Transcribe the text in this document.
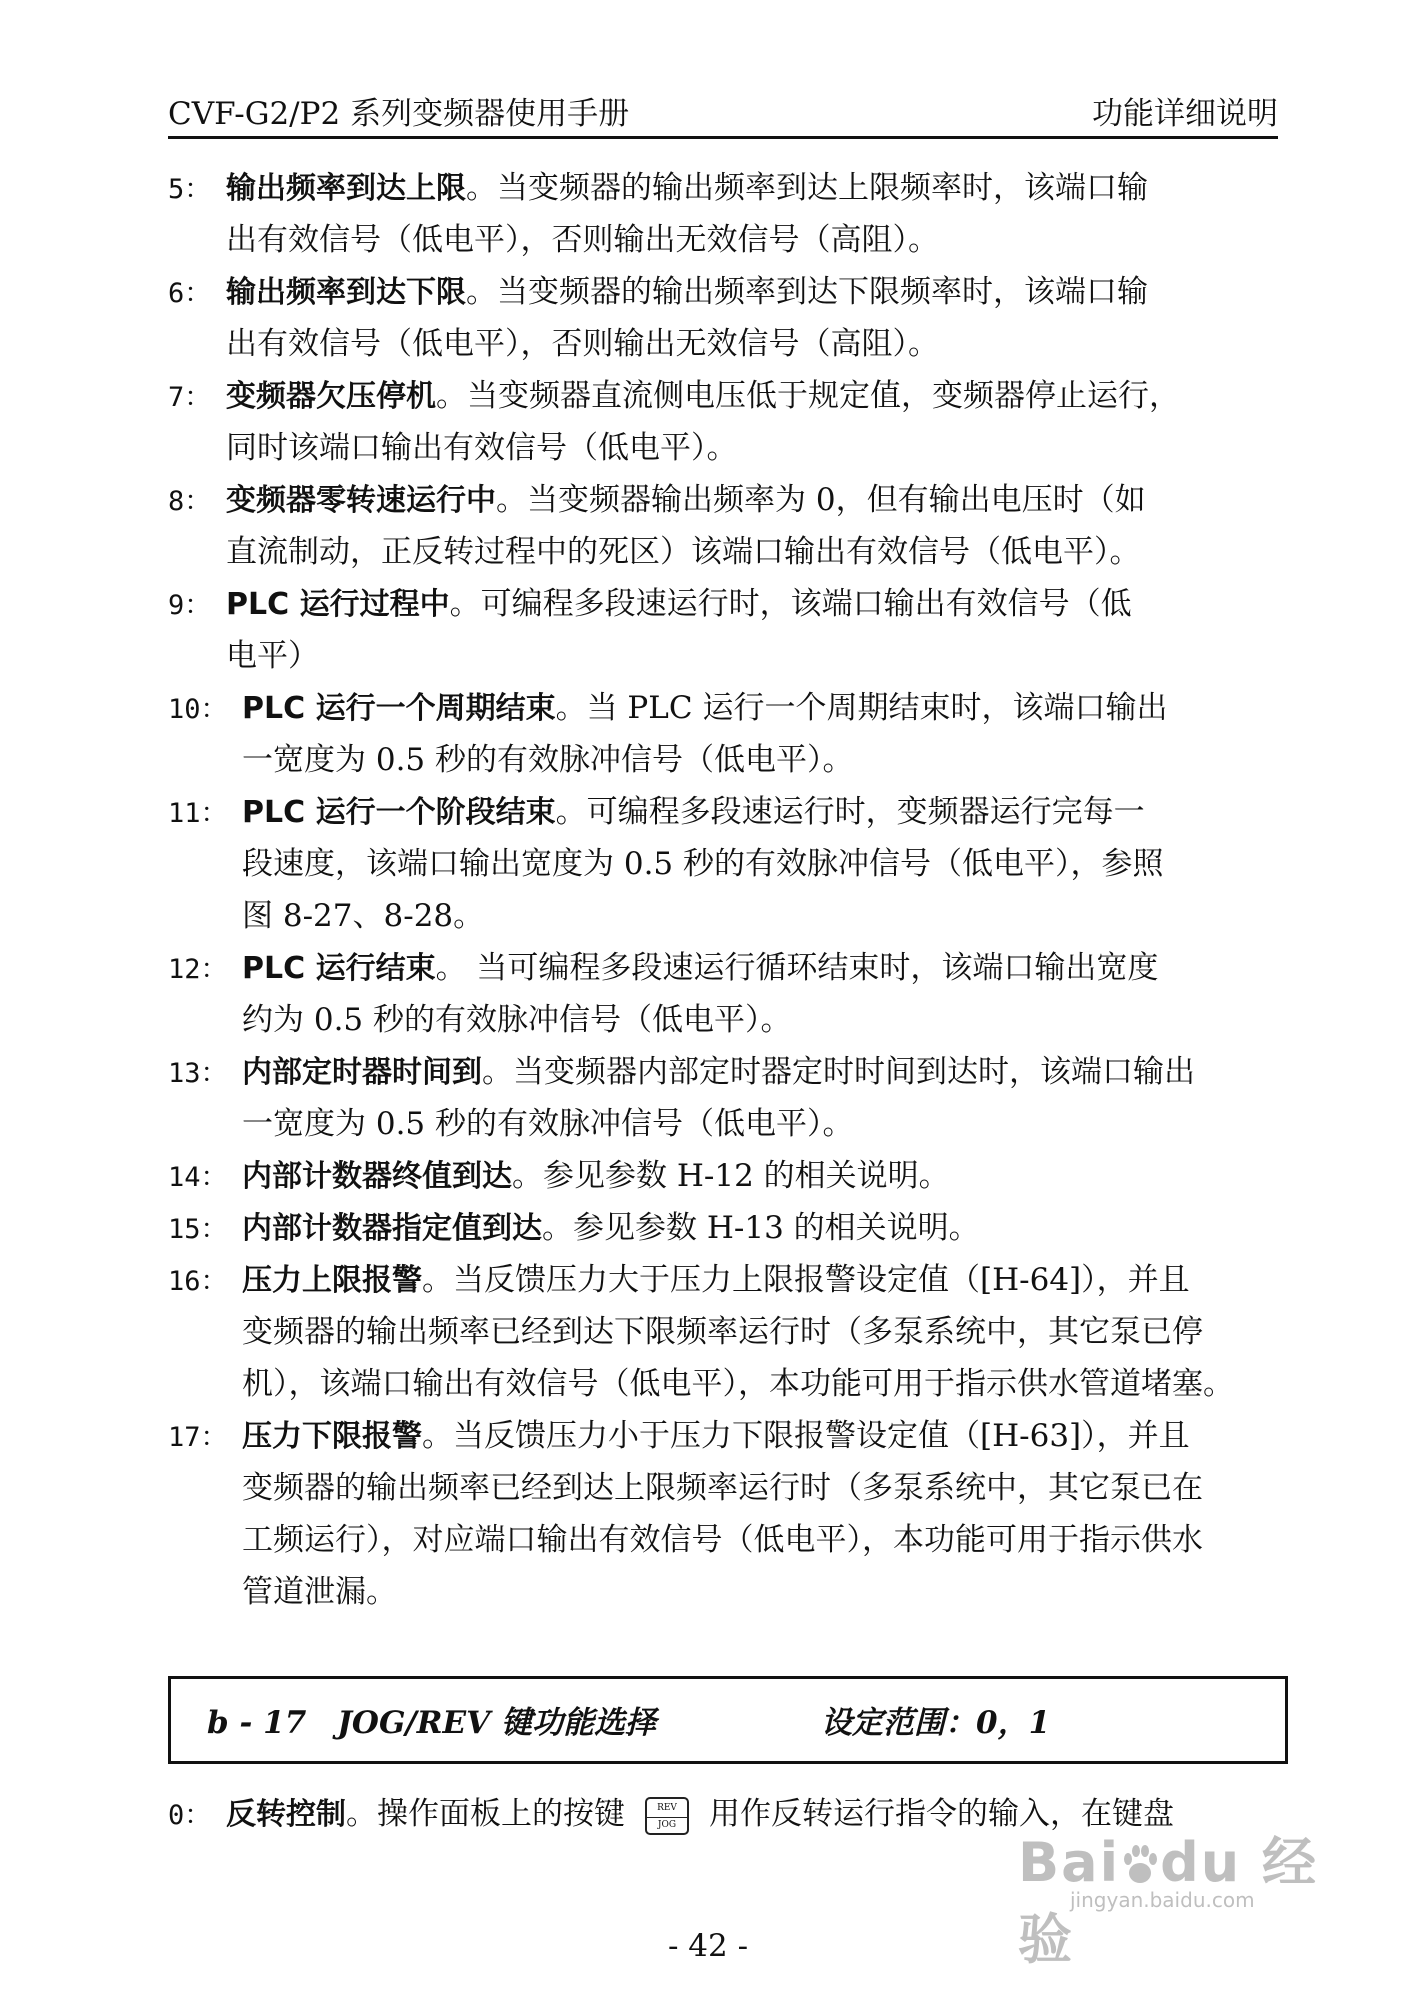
CVF-G2/P2 系列变频器使用手册	功能详细说明
5： 输出频率到达上限。当变频器的输出频率到达上限频率时，该端口输
出有效信号（低电平），否则输出无效信号（高阻）。
6： 输出频率到达下限。当变频器的输出频率到达下限频率时，该端口输
出有效信号（低电平），否则输出无效信号（高阻）。
7： 变频器欠压停机。当变频器直流侧电压低于规定值，变频器停止运行，
同时该端口输出有效信号（低电平）。
8： 变频器零转速运行中。当变频器输出频率为 0，但有输出电压时（如
直流制动，正反转过程中的死区）该端口输出有效信号（低电平）。
9： PLC 运行过程中。可编程多段速运行时，该端口输出有效信号（低
电平）
10： PLC 运行一个周期结束。当 PLC 运行一个周期结束时，该端口输出
一宽度为 0.5 秒的有效脉冲信号（低电平）。
11： PLC 运行一个阶段结束。可编程多段速运行时，变频器运行完每一
段速度，该端口输出宽度为 0.5 秒的有效脉冲信号（低电平），参照
图 8-27、8-28。
12： PLC 运行结束。 当可编程多段速运行循环结束时，该端口输出宽度
约为 0.5 秒的有效脉冲信号（低电平）。
13： 内部定时器时间到。当变频器内部定时器定时时间到达时，该端口输出
一宽度为 0.5 秒的有效脉冲信号（低电平）。
14： 内部计数器终值到达。参见参数 H-12 的相关说明。
15： 内部计数器指定值到达。参见参数 H-13 的相关说明。
16： 压力上限报警。当反馈压力大于压力上限报警设定值（[H-64]），并且
变频器的输出频率已经到达下限频率运行时（多泵系统中，其它泵已停
机），该端口输出有效信号（低电平），本功能可用于指示供水管道堵塞。
17： 压力下限报警。当反馈压力小于压力下限报警设定值（[H-63]），并且
变频器的输出频率已经到达上限频率运行时（多泵系统中，其它泵已在
工频运行），对应端口输出有效信号（低电平），本功能可用于指示供水
管道泄漏。
b - 17　JOG/REV 键功能选择	设定范围：0，1
0： 反转控制。操作面板上的按键	REV
JOG	用作反转运行指令的输入，在键盘
Bai du 经验
jingyan.baidu.com
- 42 -
